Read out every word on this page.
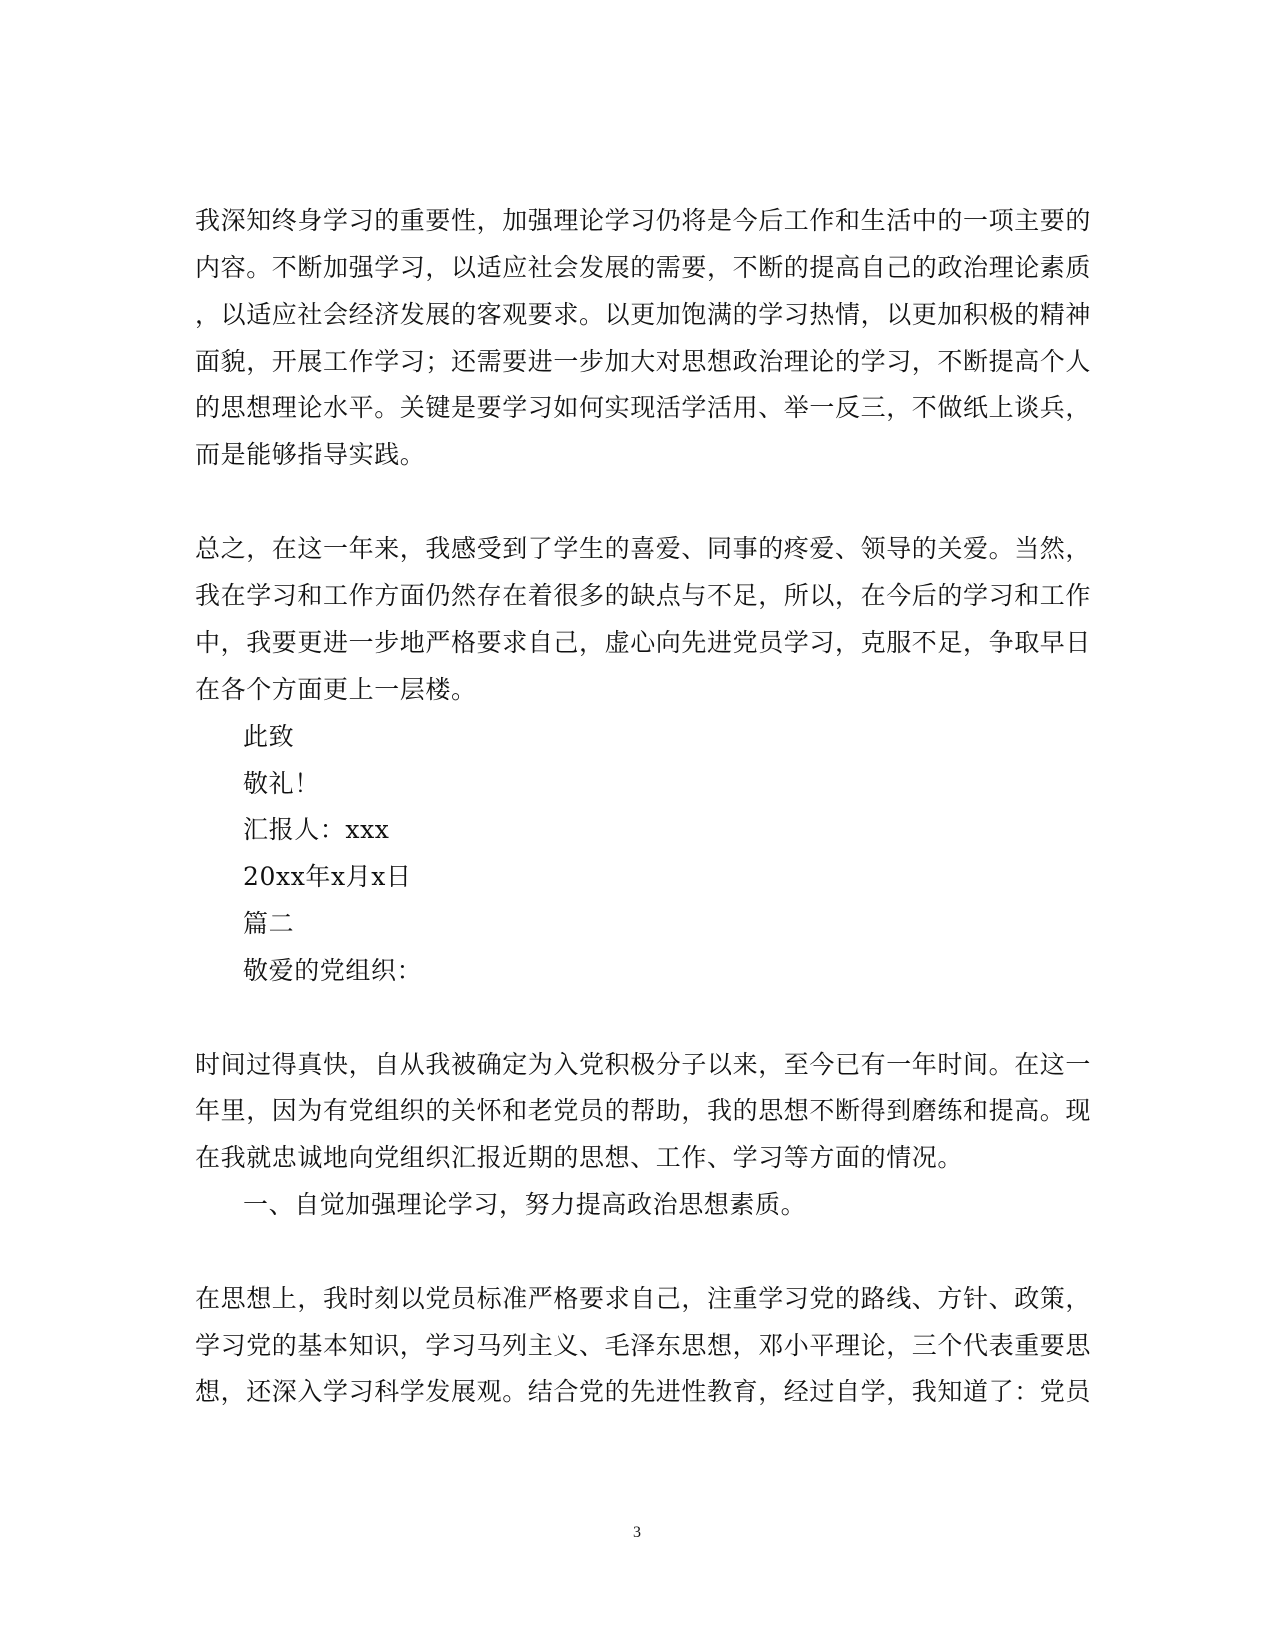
我深知终身学习的重要性，加强理论学习仍将是今后工作和生活中的一项主要的
内容。不断加强学习，以适应社会发展的需要，不断的提高自己的政治理论素质
，以适应社会经济发展的客观要求。以更加饱满的学习热情，以更加积极的精神
面貌，开展工作学习；还需要进一步加大对思想政治理论的学习，不断提高个人
的思想理论水平。关键是要学习如何实现活学活用、举一反三，不做纸上谈兵，
而是能够指导实践。
总之，在这一年来，我感受到了学生的喜爱、同事的疼爱、领导的关爱。当然，
我在学习和工作方面仍然存在着很多的缺点与不足，所以，在今后的学习和工作
中，我要更进一步地严格要求自己，虚心向先进党员学习，克服不足，争取早日
在各个方面更上一层楼。
此致
敬礼！
汇报人：xxx
20xx年x月x日
篇二
敬爱的党组织：
时间过得真快，自从我被确定为入党积极分子以来，至今已有一年时间。在这一
年里，因为有党组织的关怀和老党员的帮助，我的思想不断得到磨练和提高。现
在我就忠诚地向党组织汇报近期的思想、工作、学习等方面的情况。
一、自觉加强理论学习，努力提高政治思想素质。
在思想上，我时刻以党员标准严格要求自己，注重学习党的路线、方针、政策，
学习党的基本知识，学习马列主义、毛泽东思想，邓小平理论，三个代表重要思
想，还深入学习科学发展观。结合党的先进性教育，经过自学，我知道了：党员
3
